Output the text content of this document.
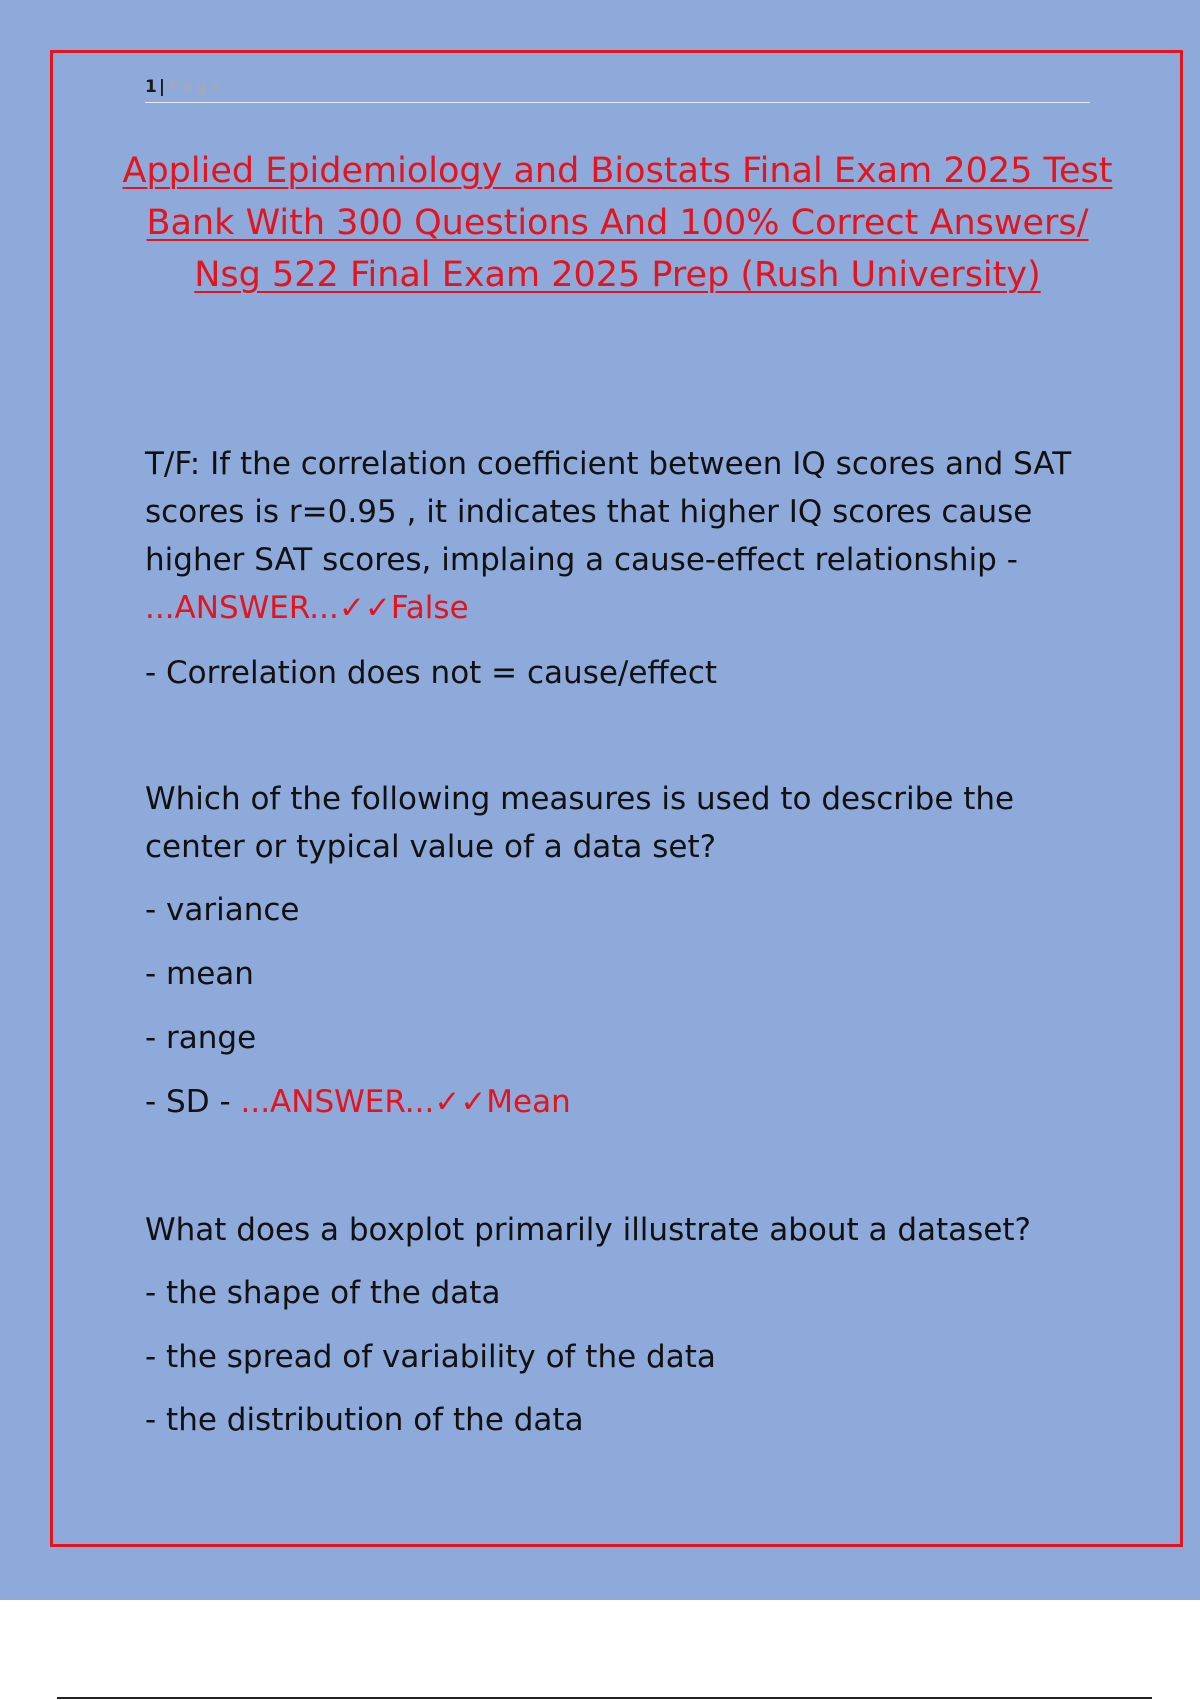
1 | Page
Applied Epidemiology and Biostats Final Exam 2025 Test Bank With 300 Questions And 100% Correct Answers/ Nsg 522 Final Exam 2025 Prep (Rush University)
T/F: If the correlation coefficient between IQ scores and SAT scores is r=0.95 , it indicates that higher IQ scores cause higher SAT scores, implaing a cause-effect relationship - ...ANSWER...✓✓False
- Correlation does not = cause/effect
Which of the following measures is used to describe the center or typical value of a data set?
- variance
- mean
- range
- SD - ...ANSWER...✓✓Mean
What does a boxplot primarily illustrate about a dataset?
- the shape of the data
- the spread of variability of the data
- the distribution of the data
